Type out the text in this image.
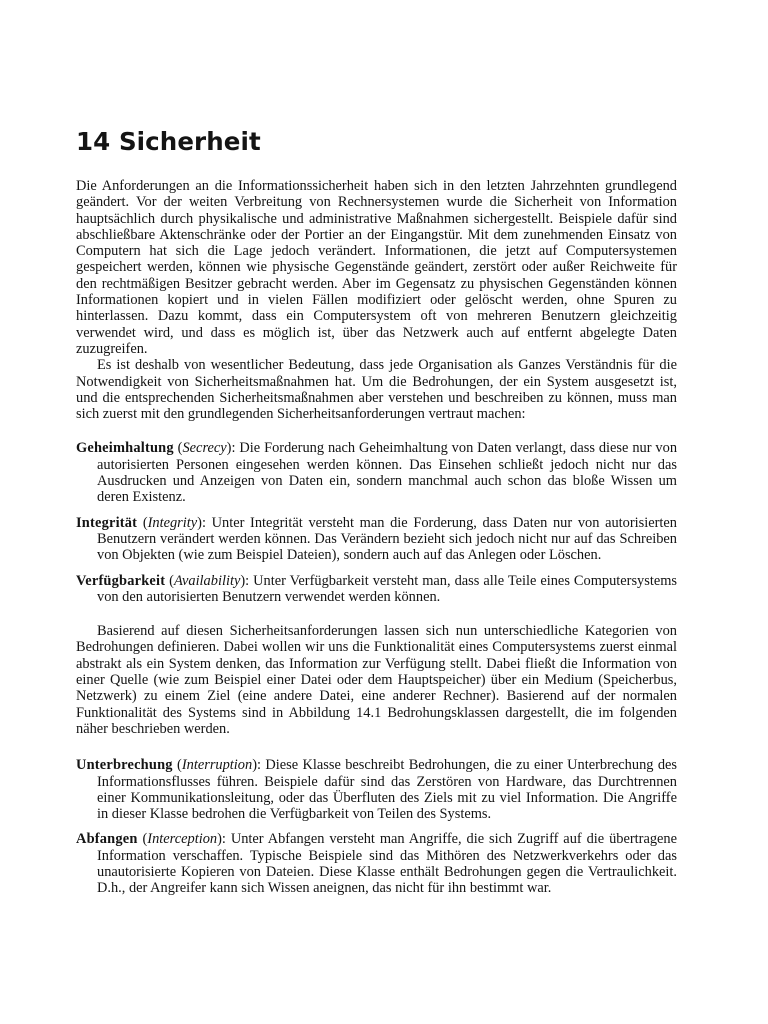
14 Sicherheit

Die Anforderungen an die Informationssicherheit haben sich in den letzten Jahrzehnten grundlegend geändert. Vor der weiten Verbreitung von Rechnersystemen wurde die Sicherheit von Information hauptsächlich durch physikalische und administrative Maßnahmen sichergestellt. Beispiele dafür sind abschließbare Aktenschränke oder der Portier an der Eingangstür. Mit dem zunehmenden Einsatz von Computern hat sich die Lage jedoch verändert. Informationen, die jetzt auf Computersystemen gespeichert werden, können wie physische Gegenstände geändert, zerstört oder außer Reichweite für den rechtmäßigen Besitzer gebracht werden. Aber im Gegensatz zu physischen Gegenständen können Informationen kopiert und in vielen Fällen modifiziert oder gelöscht werden, ohne Spuren zu hinterlassen. Dazu kommt, dass ein Computersystem oft von mehreren Benutzern gleichzeitig verwendet wird, und dass es möglich ist, über das Netzwerk auch auf entfernt abgelegte Daten zuzugreifen.

Es ist deshalb von wesentlicher Bedeutung, dass jede Organisation als Ganzes Verständnis für die Notwendigkeit von Sicherheitsmaßnahmen hat. Um die Bedrohungen, der ein System ausgesetzt ist, und die entsprechenden Sicherheitsmaßnahmen aber verstehen und beschreiben zu können, muss man sich zuerst mit den grundlegenden Sicherheitsanforderungen vertraut machen:

Geheimhaltung (Secrecy): Die Forderung nach Geheimhaltung von Daten verlangt, dass diese nur von autorisierten Personen eingesehen werden können. Das Einsehen schließt jedoch nicht nur das Ausdrucken und Anzeigen von Daten ein, sondern manchmal auch schon das bloße Wissen um deren Existenz.
Integrität (Integrity): Unter Integrität versteht man die Forderung, dass Daten nur von autorisierten Benutzern verändert werden können. Das Verändern bezieht sich jedoch nicht nur auf das Schreiben von Objekten (wie zum Beispiel Dateien), sondern auch auf das Anlegen oder Löschen.
Verfügbarkeit (Availability): Unter Verfügbarkeit versteht man, dass alle Teile eines Computersystems von den autorisierten Benutzern verwendet werden können.

Basierend auf diesen Sicherheitsanforderungen lassen sich nun unterschiedliche Kategorien von Bedrohungen definieren. Dabei wollen wir uns die Funktionalität eines Computersystems zuerst einmal abstrakt als ein System denken, das Information zur Verfügung stellt. Dabei fließt die Information von einer Quelle (wie zum Beispiel einer Datei oder dem Hauptspeicher) über ein Medium (Speicherbus, Netzwerk) zu einem Ziel (eine andere Datei, eine anderer Rechner). Basierend auf der normalen Funktionalität des Systems sind in Abbildung 14.1 Bedrohungsklassen dargestellt, die im folgenden näher beschrieben werden.

Unterbrechung (Interruption): Diese Klasse beschreibt Bedrohungen, die zu einer Unterbrechung des Informationsflusses führen. Beispiele dafür sind das Zerstören von Hardware, das Durchtrennen einer Kommunikationsleitung, oder das Überfluten des Ziels mit zu viel Information. Die Angriffe in dieser Klasse bedrohen die Verfügbarkeit von Teilen des Systems.
Abfangen (Interception): Unter Abfangen versteht man Angriffe, die sich Zugriff auf die übertragene Information verschaffen. Typische Beispiele sind das Mithören des Netzwerkverkehrs oder das unautorisierte Kopieren von Dateien. Diese Klasse enthält Bedrohungen gegen die Vertraulichkeit. D.h., der Angreifer kann sich Wissen aneignen, das nicht für ihn bestimmt war.
